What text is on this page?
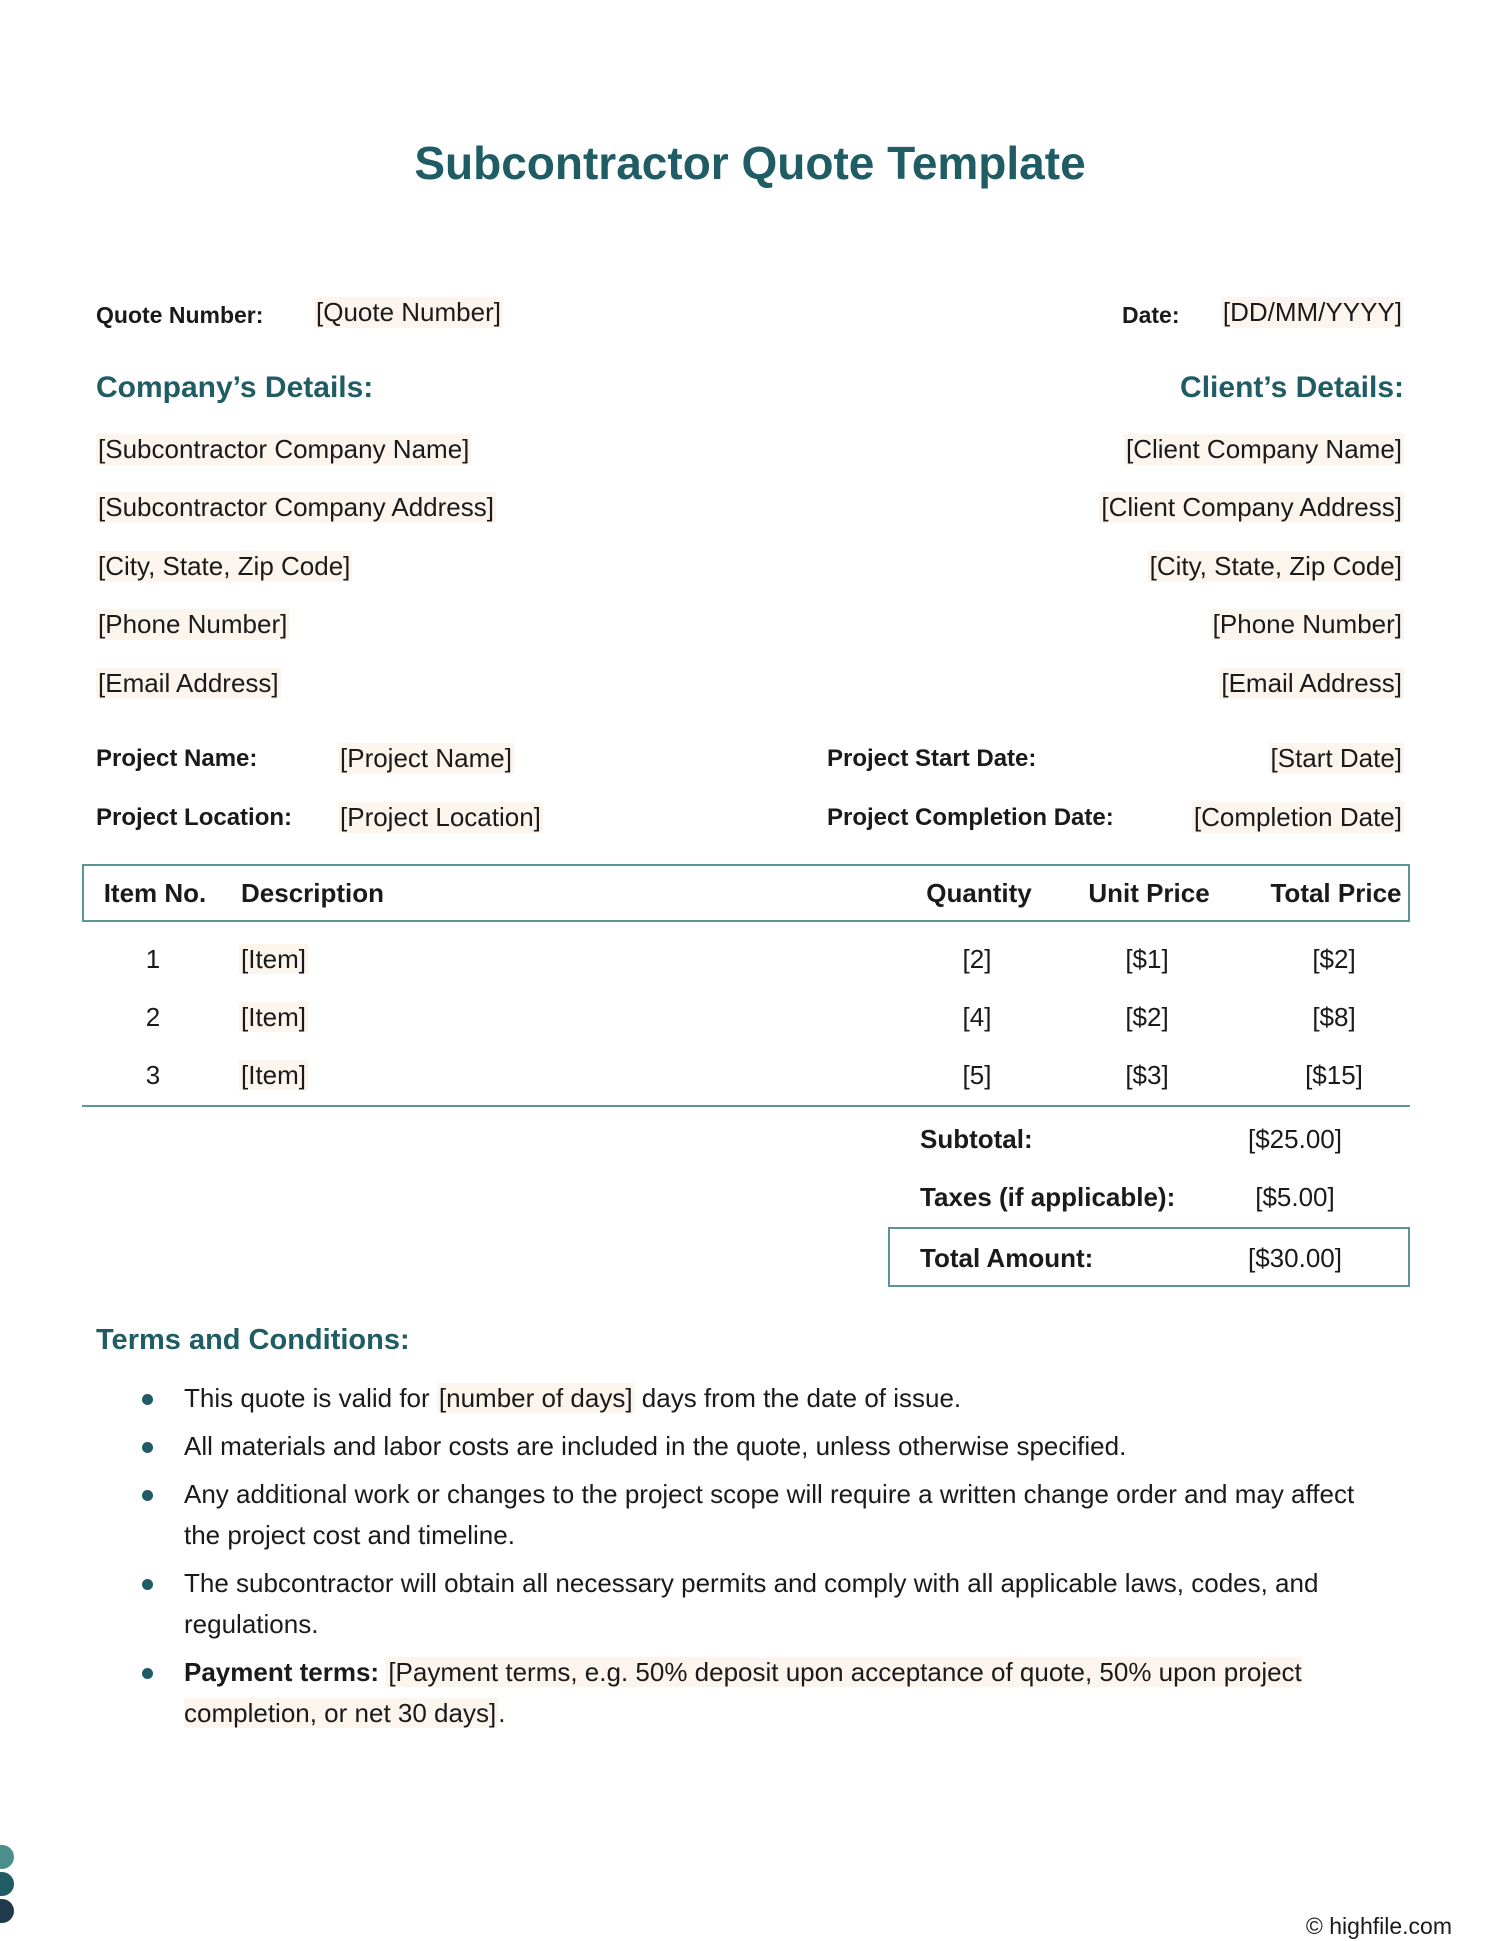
Subcontractor Quote Template
Quote Number: [Quote Number]	Date: [DD/MM/YYYY]
Company’s Details:	Client’s Details:
[Subcontractor Company Name]
[Subcontractor Company Address]
[City, State, Zip Code]
[Phone Number]
[Email Address]
[Client Company Name]
[Client Company Address]
[City, State, Zip Code]
[Phone Number]
[Email Address]
Project Name:	[Project Name]
Project Location: [Project Location]
Project Start Date:	[Start Date]
Project Completion Date:	[Completion Date]
Item No.	Description	Quantity	Unit Price	Total Price
1	[Item]	[2]	[$1]	[$2]
2	[Item]	[4]	[$2]	[$8]
3	[Item]	[5]	[$3]	[$15]
Subtotal:	[$25.00]
Taxes (if applicable):	[$5.00]
Total Amount:	[$30.00]
Terms and Conditions:
This quote is valid for [number of days] days from the date of issue.
All materials and labor costs are included in the quote, unless otherwise specified.
Any additional work or changes to the project scope will require a written change order and may affect the project cost and timeline.
The subcontractor will obtain all necessary permits and comply with all applicable laws, codes, and regulations.
Payment terms: [Payment terms, e.g. 50% deposit upon acceptance of quote, 50% upon project completion, or net 30 days].
© highfile.com
